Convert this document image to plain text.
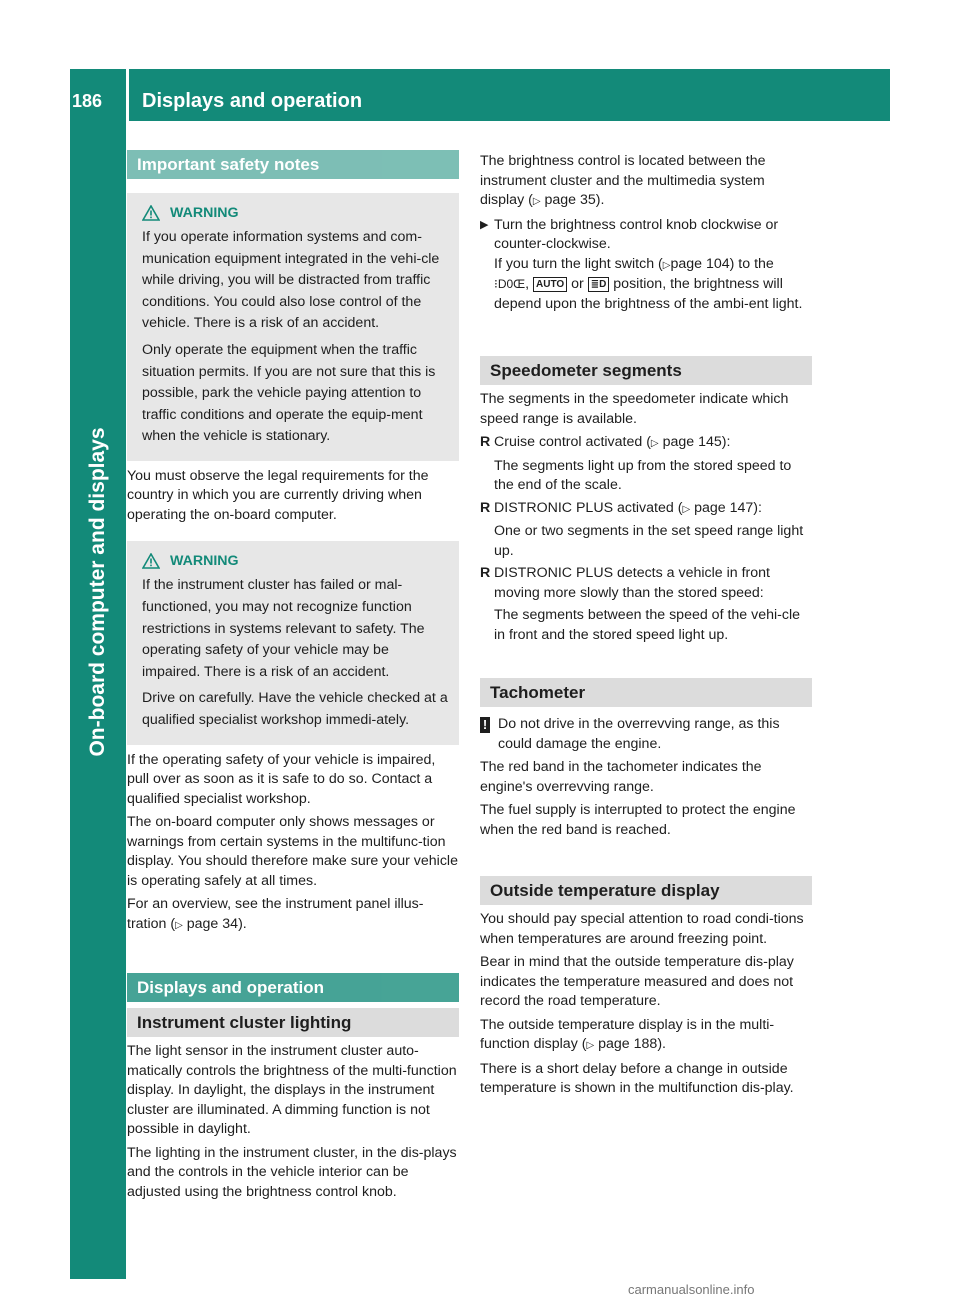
186	Displays and operation
On-board computer and displays
Important safety notes
WARNING

If you operate information systems and com-munication equipment integrated in the vehi-cle while driving, you will be distracted from traffic conditions. You could also lose control of the vehicle. There is a risk of an accident.

Only operate the equipment when the traffic situation permits. If you are not sure that this is possible, park the vehicle paying attention to traffic conditions and operate the equip-ment when the vehicle is stationary.

You must observe the legal requirements for the country in which you are currently driving when operating the on-board computer.

WARNING

If the instrument cluster has failed or mal-functioned, you may not recognize function restrictions in systems relevant to safety. The operating safety of your vehicle may be impaired. There is a risk of an accident.

Drive on carefully. Have the vehicle checked at a qualified specialist workshop immedi-ately.

If the operating safety of your vehicle is impaired, pull over as soon as it is safe to do so. Contact a qualified specialist workshop.

The on-board computer only shows messages or warnings from certain systems in the multifunc-tion display. You should therefore make sure your vehicle is operating safely at all times.

For an overview, see the instrument panel illus-tration (▷ page 34).

Displays and operation
Instrument cluster lighting

The light sensor in the instrument cluster auto-matically controls the brightness of the multi-function display. In daylight, the displays in the instrument cluster are illuminated. A dimming function is not possible in daylight.

The lighting in the instrument cluster, in the dis-plays and the controls in the vehicle interior can be adjusted using the brightness control knob.

The brightness control is located between the instrument cluster and the multimedia system display (▷ page 35).

▶ Turn the brightness control knob clockwise or counter-clockwise.
If you turn the light switch (▷page 104) to the
⁝D0Œ, AUTO or ≣D position, the brightness will depend upon the brightness of the ambi-ent light.
Speedometer segments

The segments in the speedometer indicate which speed range is available.

R Cruise control activated (▷ page 145):
The segments light up from the stored speed to the end of the scale.
R DISTRONIC PLUS activated (▷ page 147):
One or two segments in the set speed range light up.
R DISTRONIC PLUS detects a vehicle in front moving more slowly than the stored speed:
The segments between the speed of the vehi-cle in front and the stored speed light up.
Tachometer
! Do not drive in the overrevving range, as this could damage the engine.

The red band in the tachometer indicates the engine's overrevving range.

The fuel supply is interrupted to protect the engine when the red band is reached.

Outside temperature display

You should pay special attention to road condi-tions when temperatures are around freezing point.

Bear in mind that the outside temperature dis-play indicates the temperature measured and does not record the road temperature.

The outside temperature display is in the multi-function display (▷ page 188).

There is a short delay before a change in outside temperature is shown in the multifunction dis-play.

carmanualsonline.info
